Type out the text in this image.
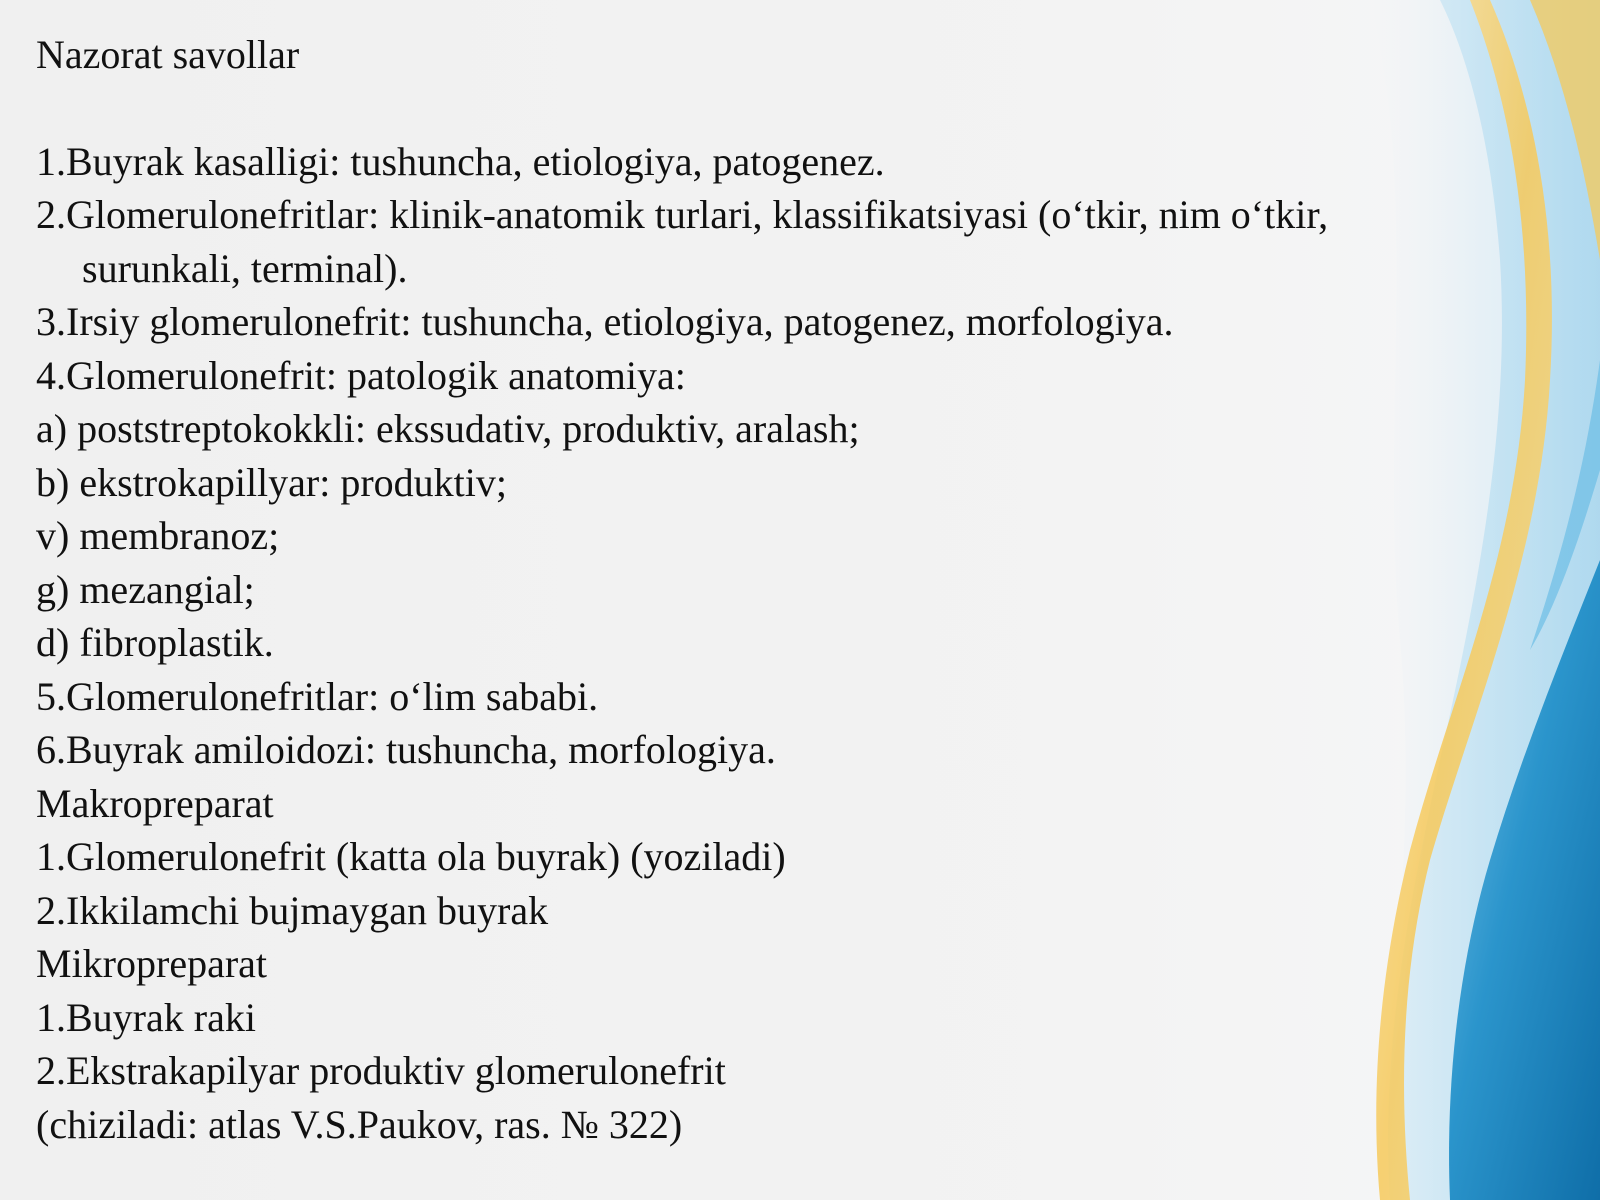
Nazorat savollar

1.Buyrak kasalligi: tushuncha, etiologiya, patogenez.

2.Glomerulonefritlar: klinik-anatomik turlari, klassifikatsiyasi (o‘tkir, nim o‘tkir, surunkali, terminal).

3.Irsiy glomerulonefrit: tushuncha, etiologiya, patogenez, morfologiya.

4.Glomerulonefrit: patologik anatomiya:

a) poststreptokokkli: ekssudativ, produktiv, aralash;

b) ekstrokapillyar: produktiv;

v) membranoz;

g) mezangial;

d) fibroplastik.

5.Glomerulonefritlar: o‘lim sababi.

6.Buyrak amiloidozi: tushuncha, morfologiya.

Makropreparat

1.Glomerulonefrit (katta ola buyrak) (yoziladi)

2.Ikkilamchi bujmaygan buyrak

Mikropreparat

1.Buyrak raki

2.Ekstrakapilyar produktiv glomerulonefrit

(chiziladi: atlas V.S.Paukov, ras. № 322)
